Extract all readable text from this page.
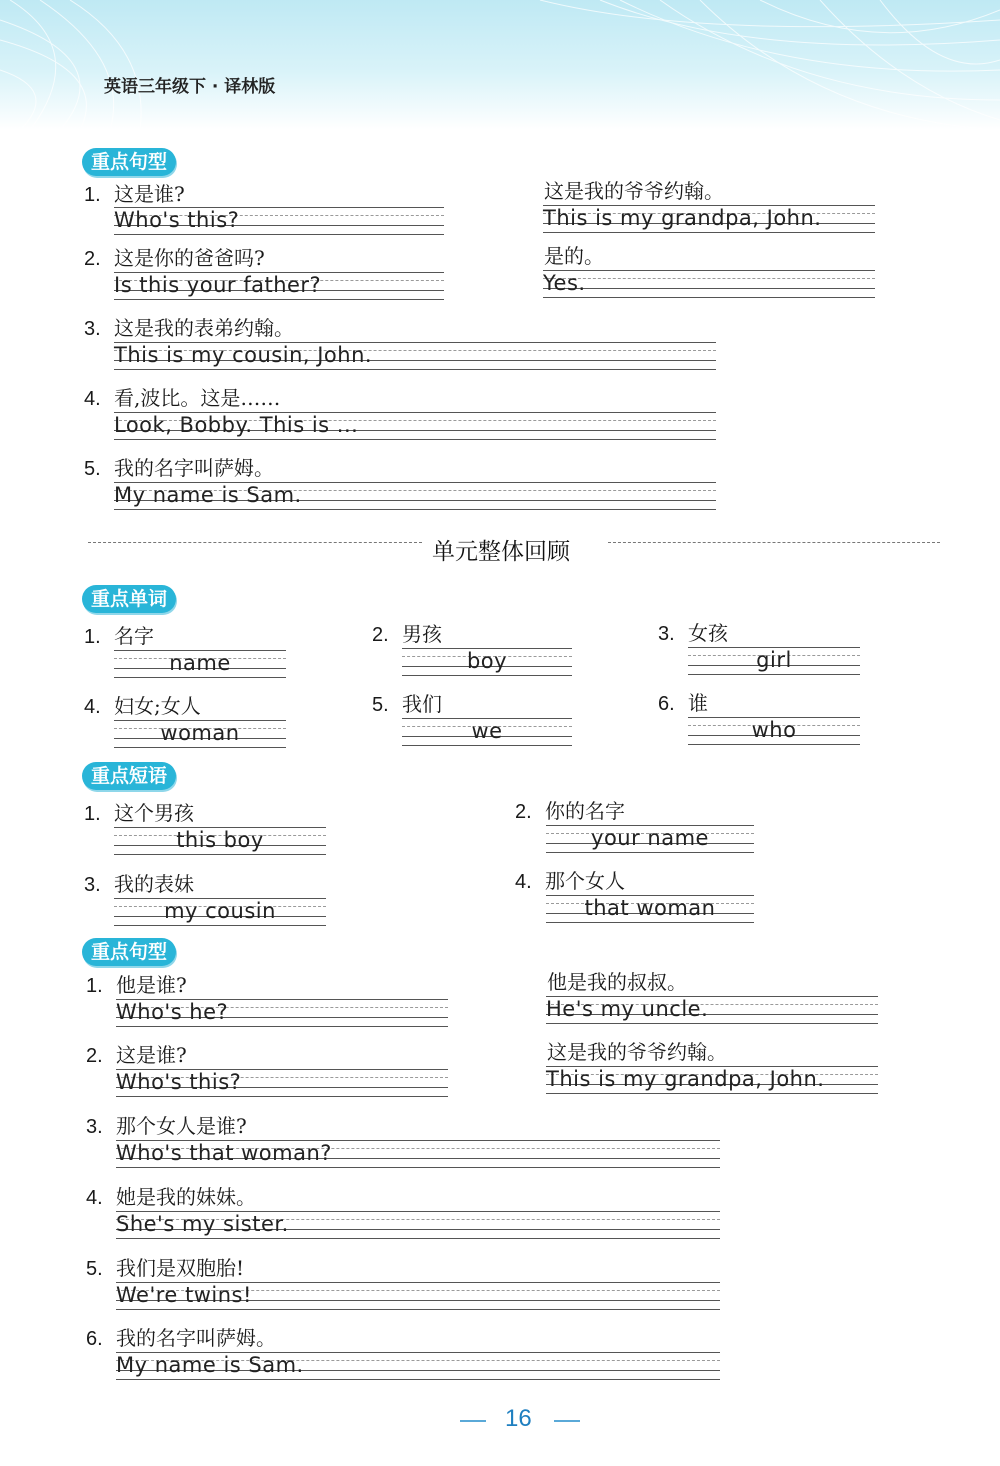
英语三年级下 · 译林版
重点句型
1. 这是谁?
Who's this?
这是我的爷爷约翰。
This is my grandpa, John.
2. 这是你的爸爸吗?
Is this your father?
是的。
Yes.
3. 这是我的表弟约翰。
This is my cousin, John.
4. 看,波比。这是……
Look, Bobby. This is ...
5. 我的名字叫萨姆。
My name is Sam.
单元整体回顾
重点单词
1. 名字
name
2. 男孩
boy
3. 女孩
girl
4. 妇女;女人
woman
5. 我们
we
6. 谁
who
重点短语
1. 这个男孩
this boy
2. 你的名字
your name
3. 我的表妹
my cousin
4. 那个女人
that woman
重点句型
1. 他是谁?
Who's he?
他是我的叔叔。
He's my uncle.
2. 这是谁?
Who's this?
这是我的爷爷约翰。
This is my grandpa, John.
3. 那个女人是谁?
Who's that woman?
4. 她是我的妹妹。
She's my sister.
5. 我们是双胞胎!
We're twins!
6. 我的名字叫萨姆。
My name is Sam.
16
